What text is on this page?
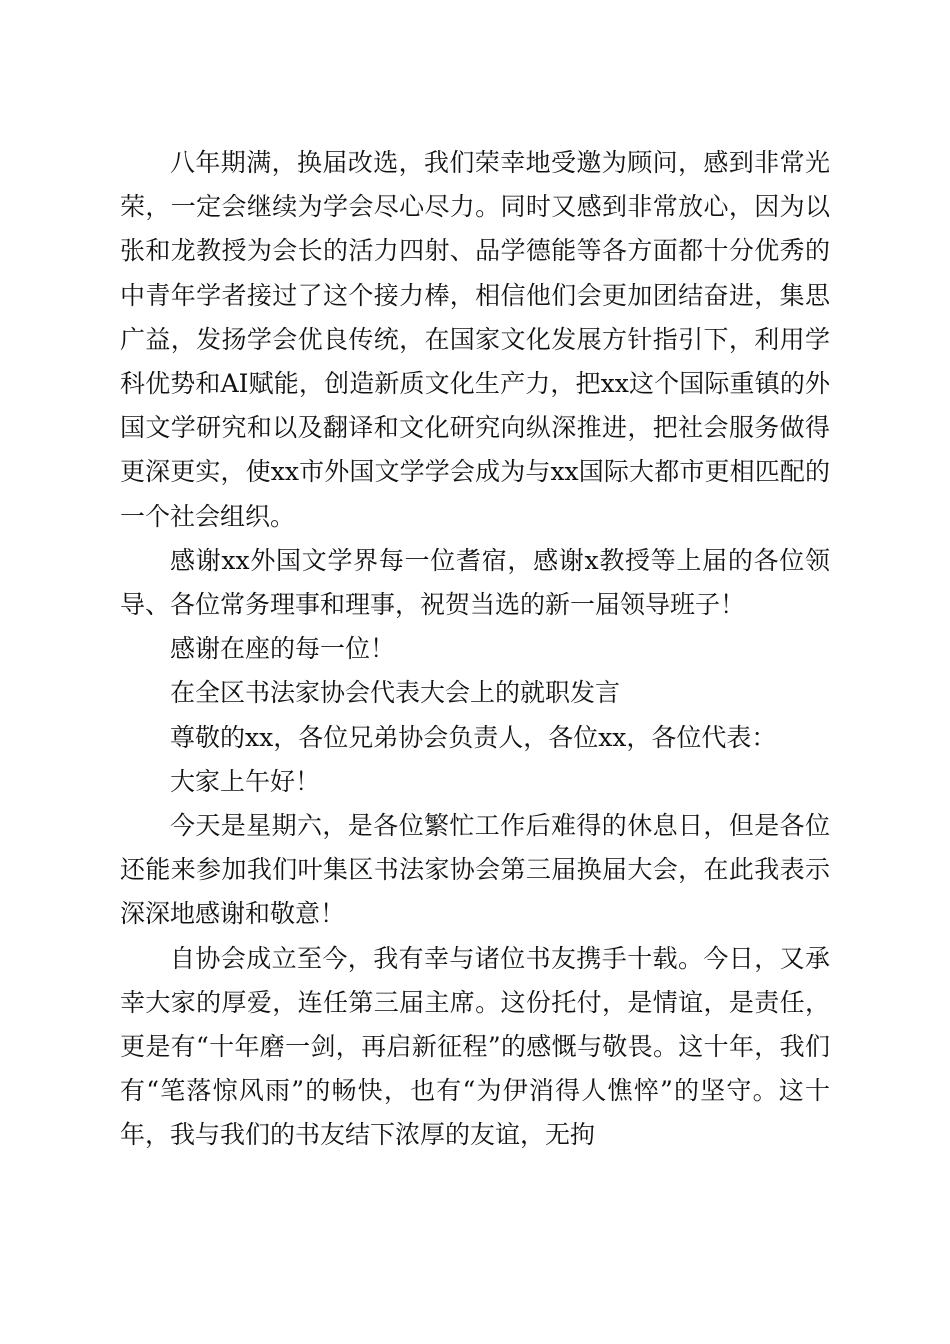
八年期满，换届改选，我们荣幸地受邀为顾问，感到非常光荣，一定会继续为学会尽心尽力。同时又感到非常放心，因为以张和龙教授为会长的活力四射、品学德能等各方面都十分优秀的中青年学者接过了这个接力棒，相信他们会更加团结奋进，集思广益，发扬学会优良传统，在国家文化发展方针指引下，利用学科优势和AI赋能，创造新质文化生产力，把xx这个国际重镇的外国文学研究和以及翻译和文化研究向纵深推进，把社会服务做得更深更实，使xx市外国文学学会成为与xx国际大都市更相匹配的一个社会组织。

感谢xx外国文学界每一位耆宿，感谢x教授等上届的各位领导、各位常务理事和理事，祝贺当选的新一届领导班子！

感谢在座的每一位！

在全区书法家协会代表大会上的就职发言

尊敬的xx，各位兄弟协会负责人，各位xx，各位代表：

大家上午好！

今天是星期六，是各位繁忙工作后难得的休息日，但是各位还能来参加我们叶集区书法家协会第三届换届大会，在此我表示深深地感谢和敬意！

自协会成立至今，我有幸与诸位书友携手十载。今日，又承幸大家的厚爱，连任第三届主席。这份托付，是情谊，是责任，更是有“十年磨一剑，再启新征程”的感慨与敬畏。这十年，我们有“笔落惊风雨”的畅快，也有“为伊消得人憔悴”的坚守。这十年，我与我们的书友结下浓厚的友谊，无拘
